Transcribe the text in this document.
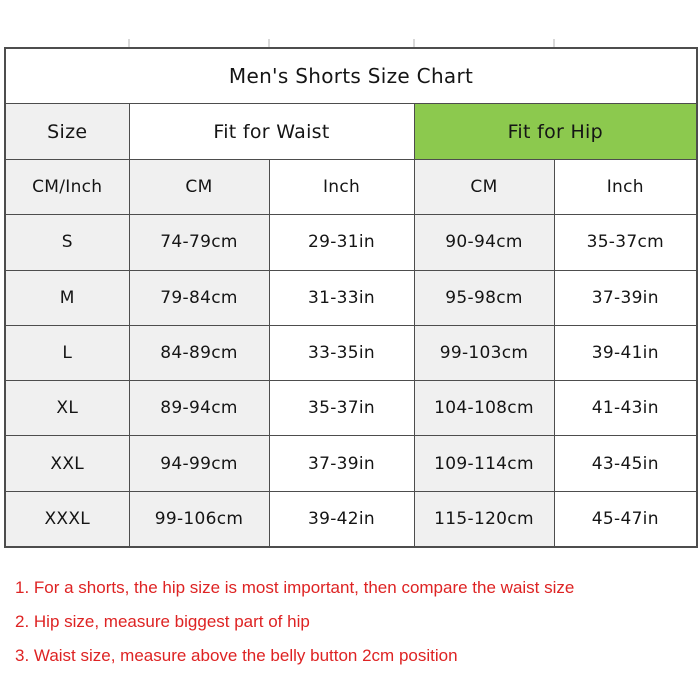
Men's Shorts Size Chart				
Size	Fit for Waist		Fit for Hip	
CM/Inch	CM	Inch	CM	Inch
S	74-79cm	29-31in	90-94cm	35-37cm
M	79-84cm	31-33in	95-98cm	37-39in
L	84-89cm	33-35in	99-103cm	39-41in
XL	89-94cm	35-37in	104-108cm	41-43in
XXL	94-99cm	37-39in	109-114cm	43-45in
XXXL	99-106cm	39-42in	115-120cm	45-47in

1. For a shorts, the hip size is most important, then compare the waist size

2. Hip size, measure biggest part of hip

3. Waist size, measure above the belly button 2cm position
